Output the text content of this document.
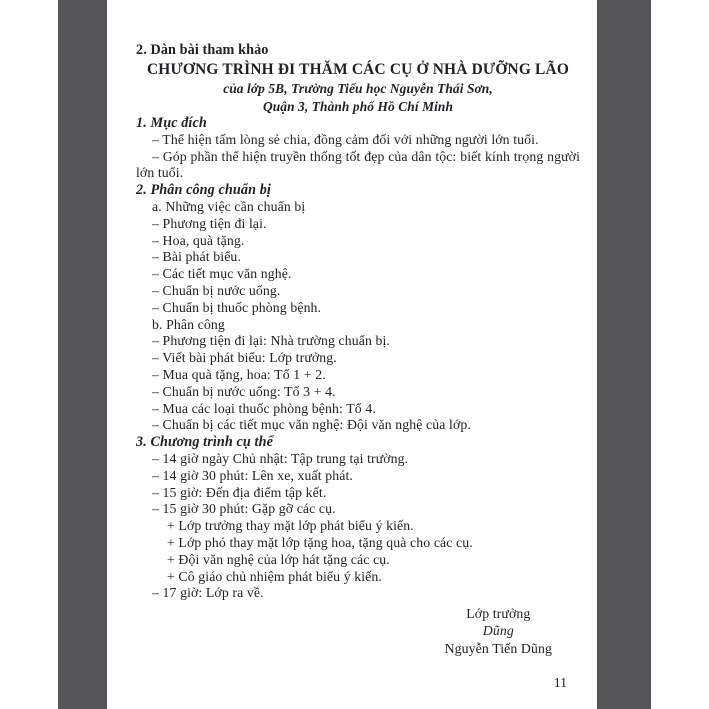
2. Dàn bài tham khảo
CHƯƠNG TRÌNH ĐI THĂM CÁC CỤ Ở NHÀ DƯỠNG LÃO
của lớp 5B, Trường Tiểu học Nguyễn Thái Sơn,
Quận 3, Thành phố Hồ Chí Minh
1. Mục đích
– Thể hiện tấm lòng sẻ chia, đồng cảm đối với những người lớn tuổi.
– Góp phần thể hiện truyền thống tốt đẹp của dân tộc: biết kính trọng người lớn tuổi.
2. Phân công chuẩn bị
a. Những việc cần chuẩn bị
– Phương tiện đi lại.
– Hoa, quà tặng.
– Bài phát biểu.
– Các tiết mục văn nghệ.
– Chuẩn bị nước uống.
– Chuẩn bị thuốc phòng bệnh.
b. Phân công
– Phương tiện đi lại: Nhà trường chuẩn bị.
– Viết bài phát biểu: Lớp trưởng.
– Mua quà tặng, hoa: Tổ 1 + 2.
– Chuẩn bị nước uống: Tổ 3 + 4.
– Mua các loại thuốc phòng bệnh: Tổ 4.
– Chuẩn bị các tiết mục văn nghệ: Đội văn nghệ của lớp.
3. Chương trình cụ thể
– 14 giờ ngày Chủ nhật: Tập trung tại trường.
– 14 giờ 30 phút: Lên xe, xuất phát.
– 15 giờ: Đến địa điểm tập kết.
– 15 giờ 30 phút: Gặp gỡ các cụ.
+ Lớp trưởng thay mặt lớp phát biểu ý kiến.
+ Lớp phó thay mặt lớp tặng hoa, tặng quà cho các cụ.
+ Đội văn nghệ của lớp hát tặng các cụ.
+ Cô giáo chủ nhiệm phát biểu ý kiến.
– 17 giờ: Lớp ra về.
Lớp trưởng
Dũng
Nguyễn Tiến Dũng
11
